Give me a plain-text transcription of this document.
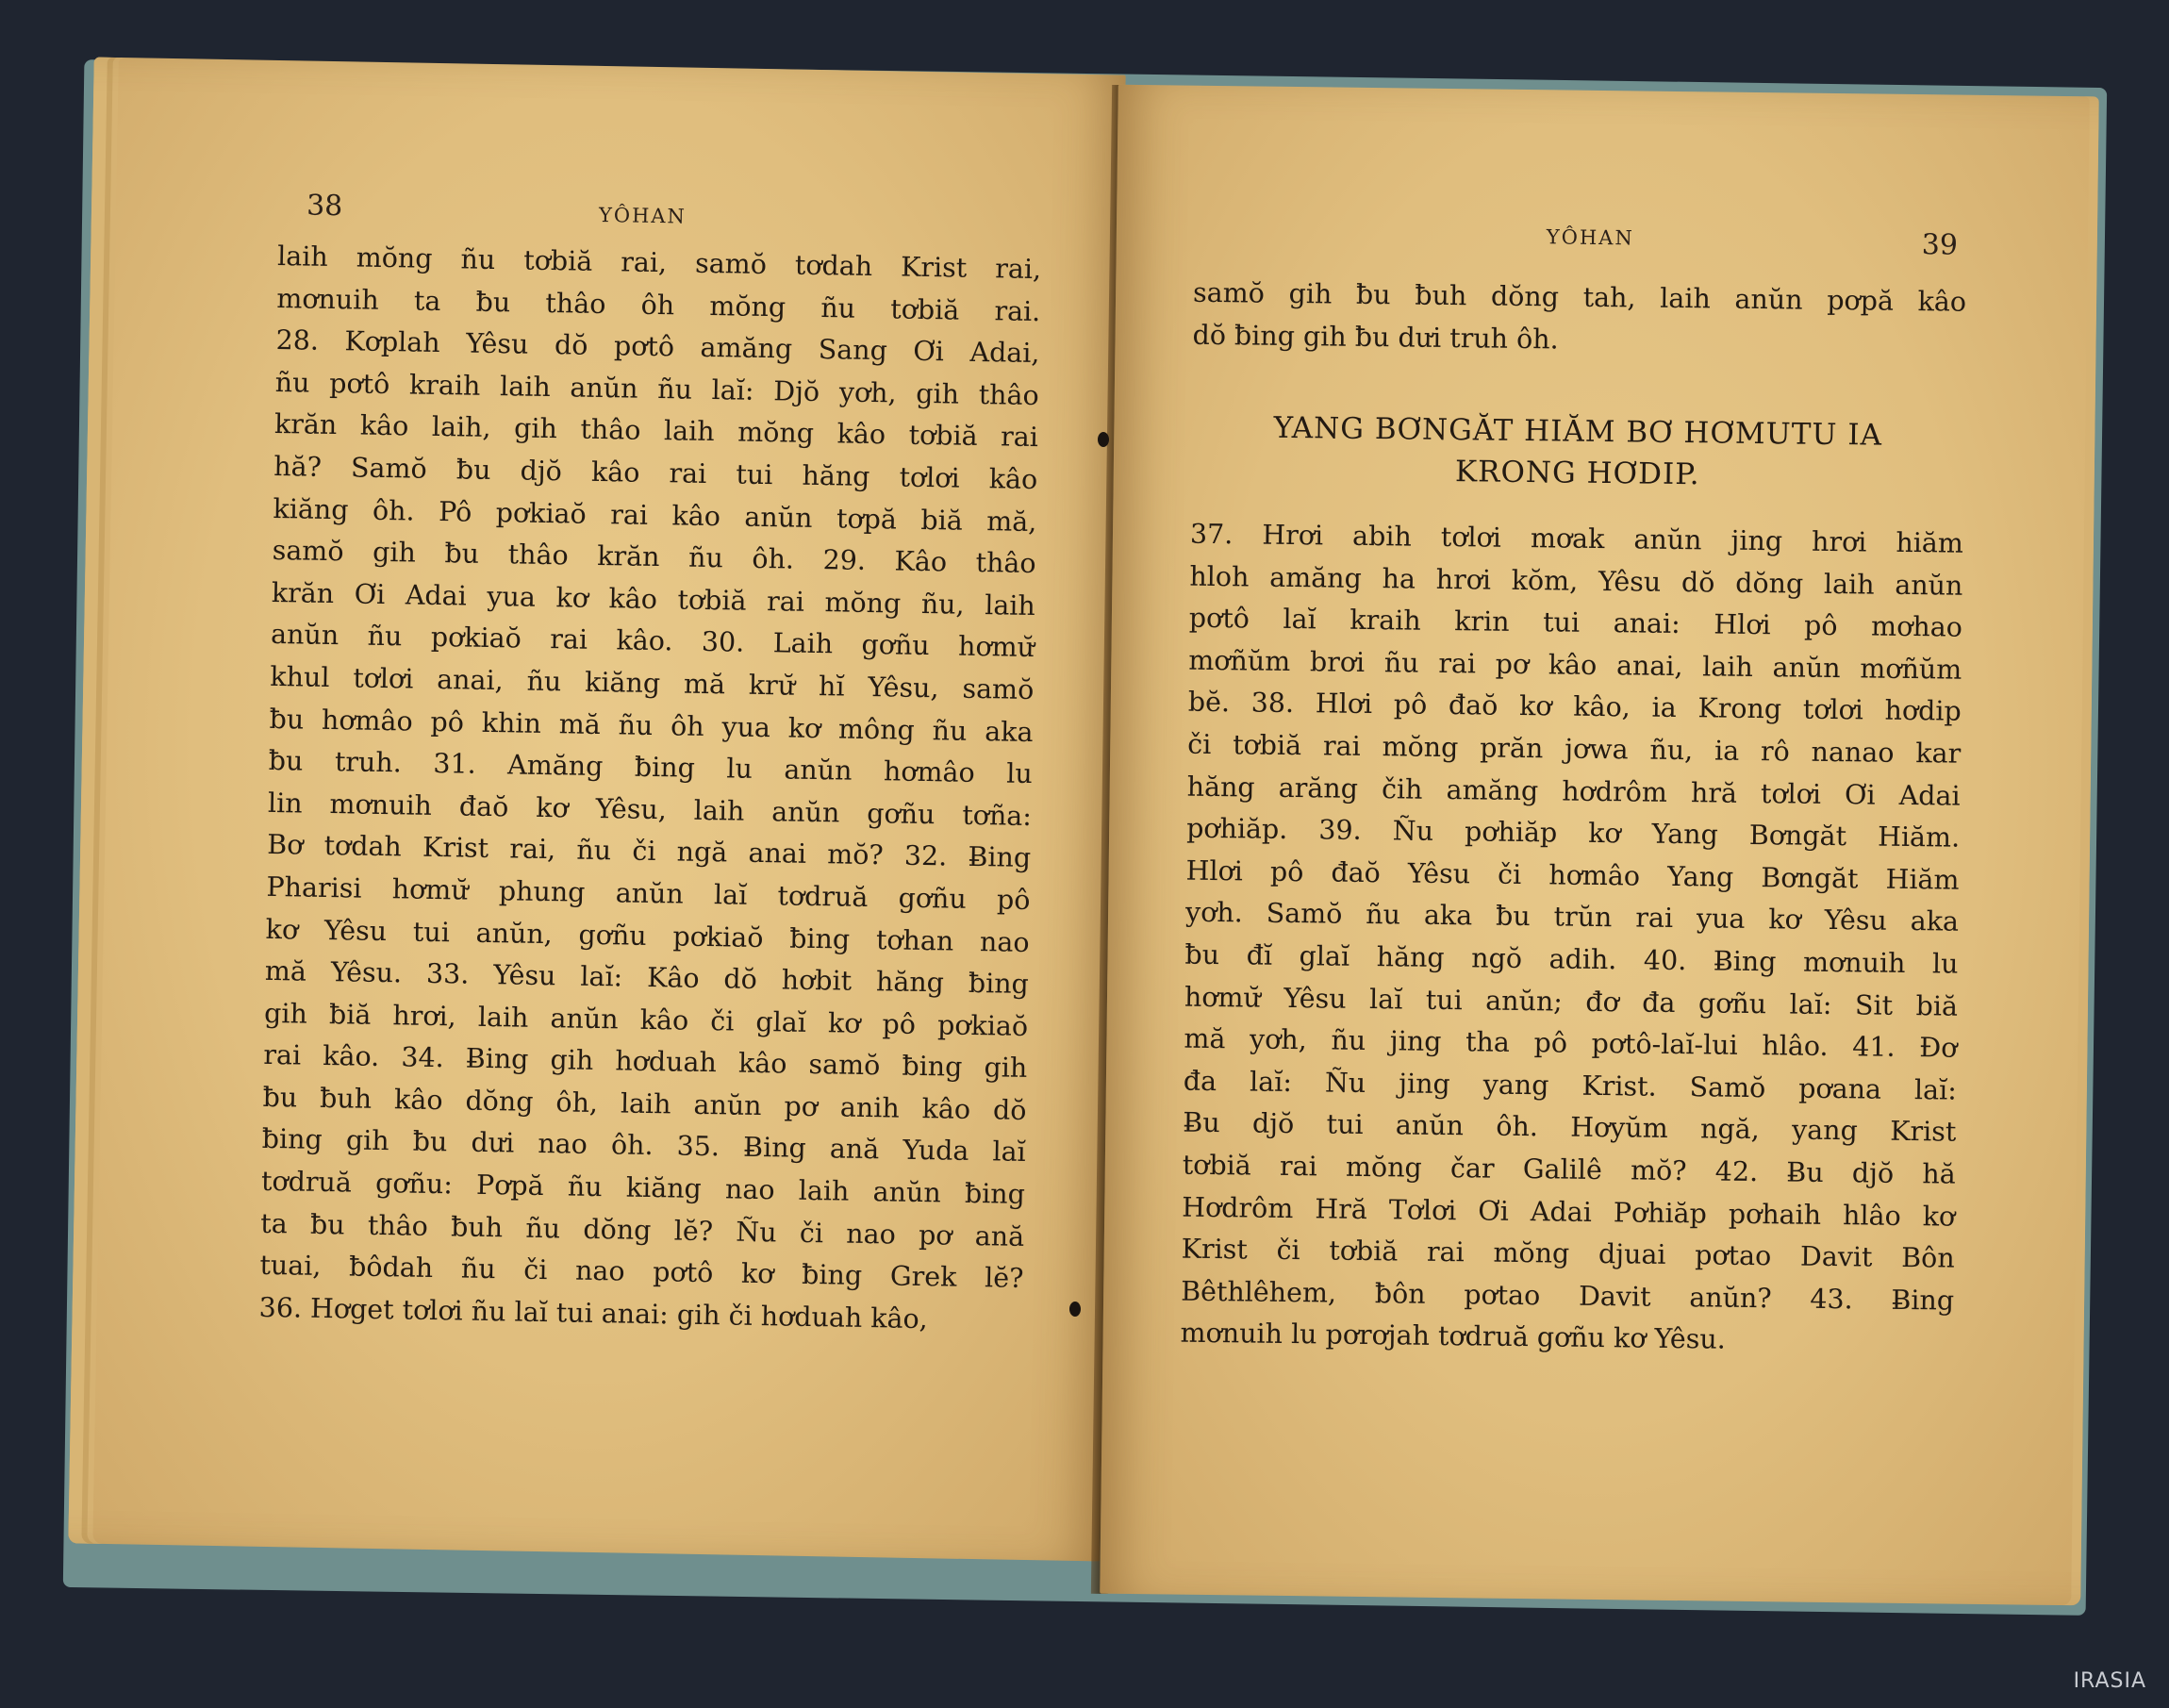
38	YÔHAN
laih mŏng ñu tơbiă rai, samŏ tơdah Krist rai,
mơnuih ta ƀu thâo ôh mŏng ñu tơbiă rai.
28. Kơplah Yêsu dŏ pơtô amăng Sang Ơi Adai,
ñu pơtô kraih laih anŭn ñu laĭ: Djŏ yơh, gih thâo
krăn kâo laih, gih thâo laih mŏng kâo tơbiă rai
hă? Samŏ ƀu djŏ kâo rai tui hăng tơlơi kâo
kiăng ôh. Pô pơkiaŏ rai kâo anŭn tơpă biă mă,
samŏ gih ƀu thâo krăn ñu ôh. 29. Kâo thâo
krăn Ơi Adai yua kơ kâo tơbiă rai mŏng ñu, laih
anŭn ñu pơkiaŏ rai kâo. 30. Laih gơñu hơmư̆
khul tơlơi anai, ñu kiăng mă krư̆ hĭ Yêsu, samŏ
ƀu hơmâo pô khin mă ñu ôh yua kơ mông ñu aka
ƀu truh. 31. Amăng ƀing lu anŭn hơmâo lu
lin mơnuih đaŏ kơ Yêsu, laih anŭn gơñu tơña:
Bơ tơdah Krist rai, ñu či ngă anai mŏ? 32. Ƀing
Pharisi hơmư̆ phung anŭn laĭ tơdruă gơñu pô
kơ Yêsu tui anŭn, gơñu pơkiaŏ ƀing tơhan nao
mă Yêsu. 33. Yêsu laĭ: Kâo dŏ hơbit hăng ƀing
gih ƀiă hrơi, laih anŭn kâo či glaĭ kơ pô pơkiaŏ
rai kâo. 34. Ƀing gih hơduah kâo samŏ ƀing gih
ƀu ƀuh kâo dŏng ôh, laih anŭn pơ anih kâo dŏ
ƀing gih ƀu dưi nao ôh. 35. Ƀing ană Yuda laĭ
tơdruă gơñu: Pơpă ñu kiăng nao laih anŭn ƀing
ta ƀu thâo ƀuh ñu dŏng lĕ? Ñu či nao pơ ană
tuai, ƀôdah ñu či nao pơtô kơ ƀing Grek lĕ?
36. Hơget tơlơi ñu laĭ tui anai: gih či hơduah kâo,
YÔHAN	39
samŏ gih ƀu ƀuh dŏng tah, laih anŭn pơpă kâo
dŏ ƀing gih ƀu dưi truh ôh.
YANG BƠNGĂT HIĂM BƠ HƠMUTU IA
KRONG HƠDIP.
37. Hrơi abih tơlơi mơak anŭn jing hrơi hiăm
hloh amăng ha hrơi kŏm, Yêsu dŏ dŏng laih anŭn
pơtô laĭ kraih krin tui anai: Hlơi pô mơhao
mơñŭm brơi ñu rai pơ kâo anai, laih anŭn mơñŭm
bĕ. 38. Hlơi pô đaŏ kơ kâo, ia Krong tơlơi hơdip
či tơbiă rai mŏng prăn jơwa ñu, ia rô nanao kar
hăng arăng čih amăng hơdrôm hră tơlơi Ơi Adai
pơhiăp. 39. Ñu pơhiăp kơ Yang Bơngăt Hiăm.
Hlơi pô đaŏ Yêsu či hơmâo Yang Bơngăt Hiăm
yơh. Samŏ ñu aka ƀu trŭn rai yua kơ Yêsu aka
ƀu đĭ glaĭ hăng ngŏ adih. 40. Ƀing mơnuih lu
hơmư̆ Yêsu laĭ tui anŭn; đơ đa gơñu laĭ: Sit biă
mă yơh, ñu jing tha pô pơtô-laĭ-lui hlâo. 41. Đơ
đa laĭ: Ñu jing yang Krist. Samŏ pơana laĭ:
Ƀu djŏ tui anŭn ôh. Hơyŭm ngă, yang Krist
tơbiă rai mŏng čar Galilê mŏ? 42. Ƀu djŏ hă
Hơdrôm Hră Tơlơi Ơi Adai Pơhiăp pơhaih hlâo kơ
Krist či tơbiă rai mŏng djuai pơtao Davit Bôn
Bêthlêhem, ƀôn pơtao Davit anŭn? 43. Ƀing
mơnuih lu pơrơjah tơdruă gơñu kơ Yêsu.
IRASIA
